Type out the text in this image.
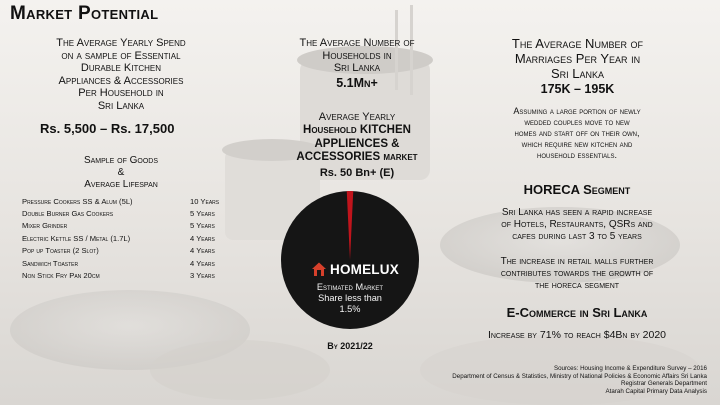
Market Potential
The Average Yearly Spend
on a sample of Essential
Durable Kitchen
Appliances & Accessories
Per Household in
Sri Lanka
Rs. 5,500 – Rs. 17,500
Sample of Goods
&
Average Lifespan
Pressure Cookers SS & Alum (5L)	10 Years
Double Burner Gas Cookers	5 Years
Mixer Grinder	5 Years
Electric Kettle SS / Metal (1.7L)	4 Years
Pop up Toaster (2 Slot)	4 Years
Sandwich Toaster	4 Years
Non Stick Fry Pan 20cm	3 Years
The Average Number of
Households in
Sri Lanka
5.1Mn+
Average Yearly
Household KITCHEN
APPLIENCES &
ACCESSORIES market
Rs. 50 Bn+ (E)
HOMELUX
Estimated Market
Share less than
1.5%
By 2021/22
The Average Number of
Marriages Per Year in
Sri Lanka
175K – 195K
Assuming a large portion of newly
wedded couples move to new
homes and start off on their own,
which require new kitchen and
household essentials.
HORECA Segment
Sri Lanka has seen a rapid increase
of Hotels, Restaurants, QSRs and
cafes during last 3 to 5 years
The increase in retail malls further
contributes towards the growth of
the horeca segment
E-Commerce in Sri Lanka
Increase by 71% to reach $4Bn by 2020
Sources: Housing Income & Expenditure Survey – 2016
Department of Census & Statistics, Ministry of National Policies & Economic Affairs Sri Lanka
Registrar Generals Department
Atarah Capital Primary Data Analysis
